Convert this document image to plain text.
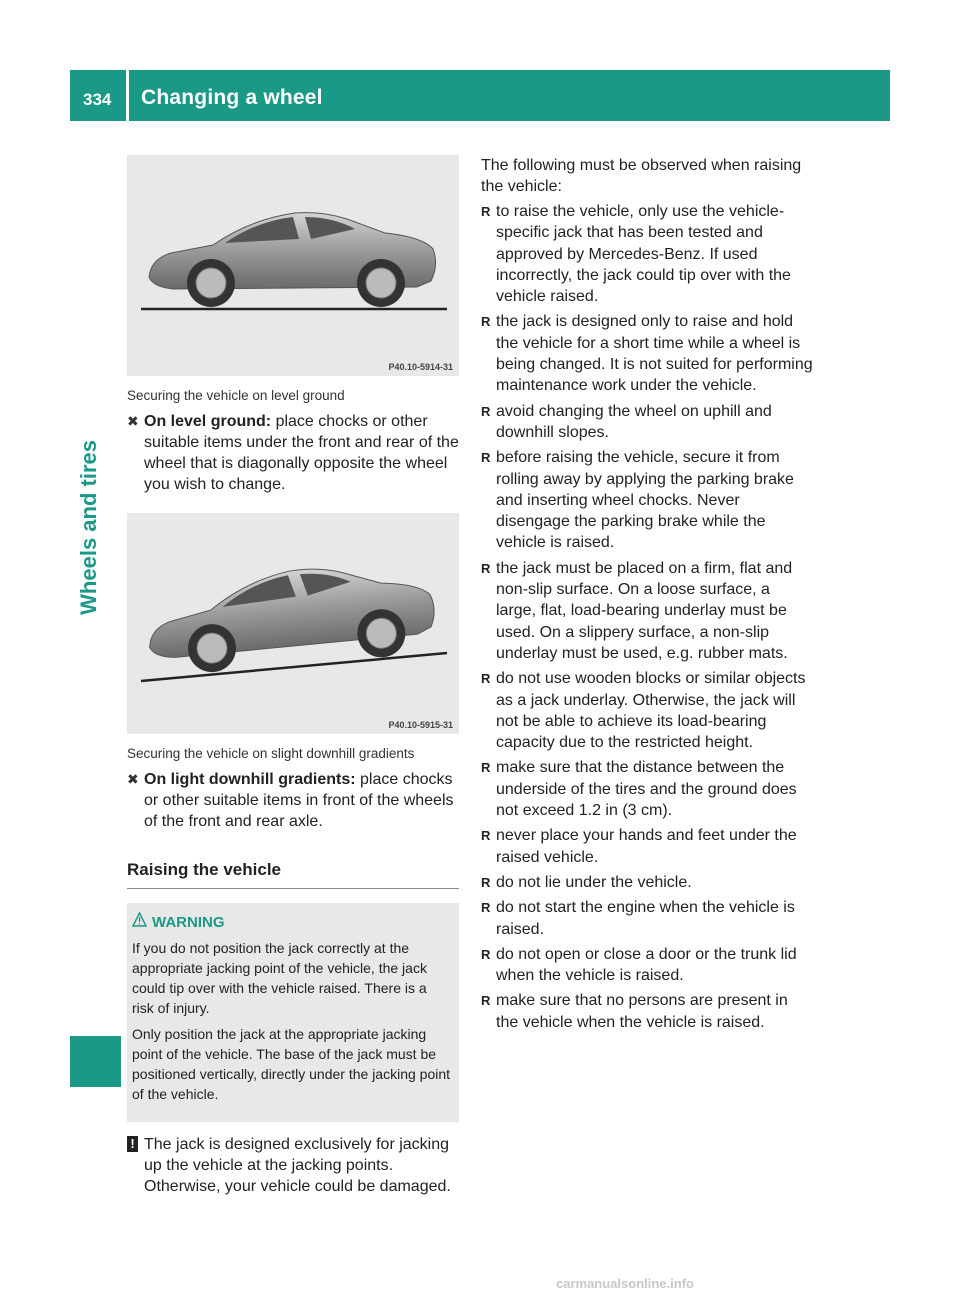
334 Changing a wheel
Wheels and tires
P40.10-5914-31
Securing the vehicle on level ground
✖ On level ground: place chocks or other suitable items under the front and rear of the wheel that is diagonally opposite the wheel you wish to change.
P40.10-5915-31
Securing the vehicle on slight downhill gradients
✖ On light downhill gradients: place chocks or other suitable items in front of the wheels of the front and rear axle.
Raising the vehicle
WARNING

If you do not position the jack correctly at the appropriate jacking point of the vehicle, the jack could tip over with the vehicle raised. There is a risk of injury.

Only position the jack at the appropriate jacking point of the vehicle. The base of the jack must be positioned vertically, directly under the jacking point of the vehicle.

! The jack is designed exclusively for jacking up the vehicle at the jacking points. Otherwise, your vehicle could be damaged.

The following must be observed when raising the vehicle:

R to raise the vehicle, only use the vehicle-specific jack that has been tested and approved by Mercedes-Benz. If used incorrectly, the jack could tip over with the vehicle raised.
R the jack is designed only to raise and hold the vehicle for a short time while a wheel is being changed. It is not suited for performing maintenance work under the vehicle.
R avoid changing the wheel on uphill and downhill slopes.
R before raising the vehicle, secure it from rolling away by applying the parking brake and inserting wheel chocks. Never disengage the parking brake while the vehicle is raised.
R the jack must be placed on a firm, flat and non-slip surface. On a loose surface, a large, flat, load-bearing underlay must be used. On a slippery surface, a non-slip underlay must be used, e.g. rubber mats.
R do not use wooden blocks or similar objects as a jack underlay. Otherwise, the jack will not be able to achieve its load-bearing capacity due to the restricted height.
R make sure that the distance between the underside of the tires and the ground does not exceed 1.2 in (3 cm).
R never place your hands and feet under the raised vehicle.
R do not lie under the vehicle.
R do not start the engine when the vehicle is raised.
R do not open or close a door or the trunk lid when the vehicle is raised.
R make sure that no persons are present in the vehicle when the vehicle is raised.
carmanualsonline.info
